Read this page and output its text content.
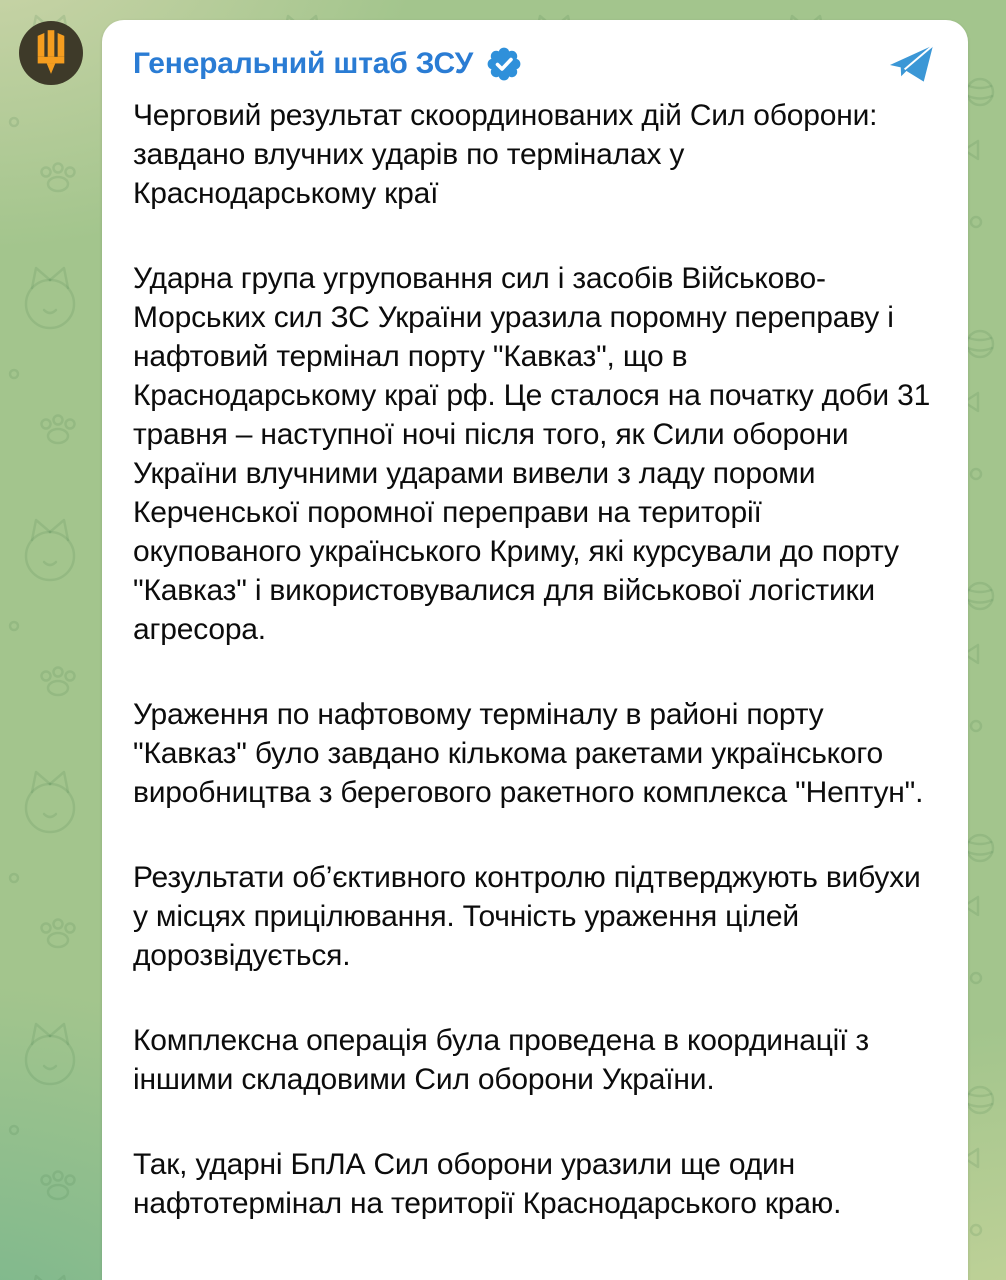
Генеральний штаб ЗСУ

Черговий результат скоординованих дій Сил оборони: завдано влучних ударів по терміналах у Краснодарському краї

Ударна група угруповання сил і засобів Військово-Морських сил ЗС України уразила поромну переправу і нафтовий термінал порту "Кавказ", що в Краснодарському краї рф. Це сталося на початку доби 31 травня – наступної ночі після того, як Сили оборони України влучними ударами вивели з ладу пороми Керченської поромної переправи на території окупованого українського Криму, які курсували до порту "Кавказ" і використовувалися для військової логістики агресора.

Ураження по нафтовому терміналу в районі порту "Кавказ" було завдано кількома ракетами українського виробництва з берегового ракетного комплекса "Нептун".

Результати об’єктивного контролю підтверджують вибухи у місцях прицілювання. Точність ураження цілей дорозвідується.

Комплексна операція була проведена в координації з іншими складовими Сил оборони України.

Так, ударні БпЛА Сил оборони уразили ще один нафтотермінал на території Краснодарського краю.
